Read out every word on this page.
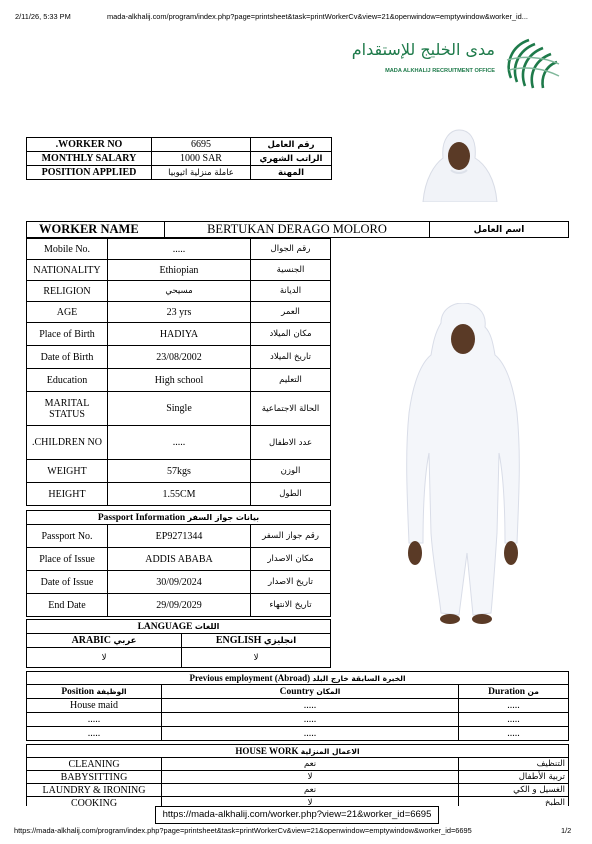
2/11/26, 5:33 PM	mada-alkhalij.com/program/index.php?page=printsheet&task=printWorkerCv&view=21&openwindow=emptywindow&worker_id...
مدى الخليج للإستقدام
MADA ALKHALIJ RECRUITMENT OFFICE
.WORKER NO	6695	رقم العامل
MONTHLY SALARY	1000 SAR	الراتب الشهري
POSITION APPLIED	عاملة منزلية اثيوبيا	المهنة
WORKER NAME	BERTUKAN DERAGO MOLORO	اسم العامل
Mobile No.	.....	رقم الجوال
NATIONALITY	Ethiopian	الجنسية
RELIGION	مسيحي	الديانة
AGE	23 yrs	العمر
Place of Birth	HADIYA	مكان الميلاد
Date of Birth	23/08/2002	تاريخ الميلاد
Education	High school	التعليم
MARITAL STATUS	Single	الحالة الاجتماعية
.CHILDREN NO	.....	عدد الاطفال
WEIGHT	57kgs	الوزن
HEIGHT	1.55CM	الطول
Passport Information بيانات جواز السفر		
Passport No.	EP9271344	رقم جواز السفر
Place of Issue	ADDIS ABABA	مكان الاصدار
Date of Issue	30/09/2024	تاريخ الاصدار
End Date	29/09/2029	تاريخ الانتهاء
LANGUAGE اللغات	
ARABIC عربي	ENGLISH انجليزي
لا	لا
Previous employment (Abroad) الخبرة السابقة خارج البلد		
Position الوظيفة	Country المكان	Duration من
House maid	.....	.....
.....	.....	.....
.....	.....	.....
HOUSE WORK الاعمال المنزلية		
CLEANING	نعم	التنظيف
BABYSITTING	لا	تربية الأطفال
LAUNDRY & IRONING	نعم	الغسيل و الكي
COOKING	لا	الطبخ
https://mada-alkhalij.com/worker.php?view=21&worker_id=6695
https://mada-alkhalij.com/program/index.php?page=printsheet&task=printWorkerCv&view=21&openwindow=emptywindow&worker_id=6695	1/2
